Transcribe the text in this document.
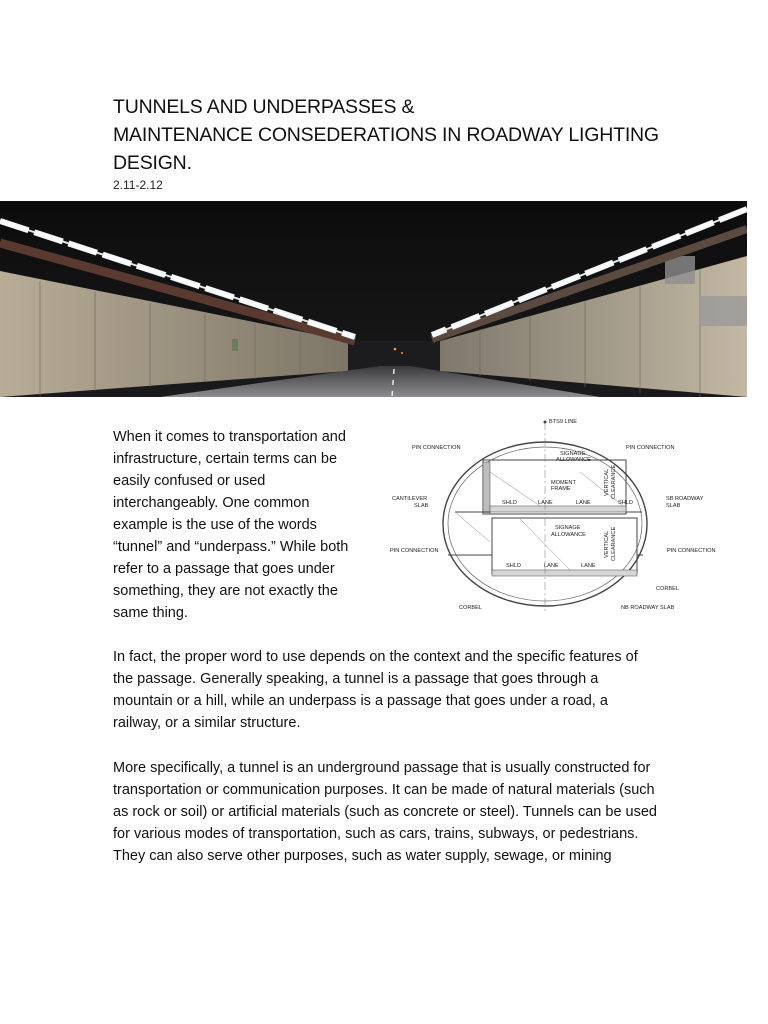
TUNNELS AND UNDERPASSES &
MAINTENANCE CONSEDERATIONS IN ROADWAY LIGHTING
DESIGN.
2.11-2.12
When it comes to transportation and infrastructure, certain terms can be easily confused or used interchangeably. One common example is the use of the words “tunnel” and “underpass.” While both refer to a passage that goes under something, they are not exactly the same thing.
BTS9 LINE
PIN CONNECTION	PIN CONNECTION
SIGNAGE
ALLOWANCE
MOMENT
FRAME	VERTICAL CLEARANCE
CANTILEVER
SLAB
SB ROADWAY
SLAB
SHLD	LANE	LANE	SHLD
SIGNAGE
ALLOWANCE	VERTICAL CLEARANCE
PIN CONNECTION	PIN CONNECTION
SHLD	LANE	LANE
CORBEL
CORBEL	NB ROADWAY SLAB
In fact, the proper word to use depends on the context and the specific features of the passage. Generally speaking, a tunnel is a passage that goes through a mountain or a hill, while an underpass is a passage that goes under a road, a railway, or a similar structure.
More specifically, a tunnel is an underground passage that is usually constructed for transportation or communication purposes. It can be made of natural materials (such as rock or soil) or artificial materials (such as concrete or steel). Tunnels can be used for various modes of transportation, such as cars, trains, subways, or pedestrians. They can also serve other purposes, such as water supply, sewage, or mining
